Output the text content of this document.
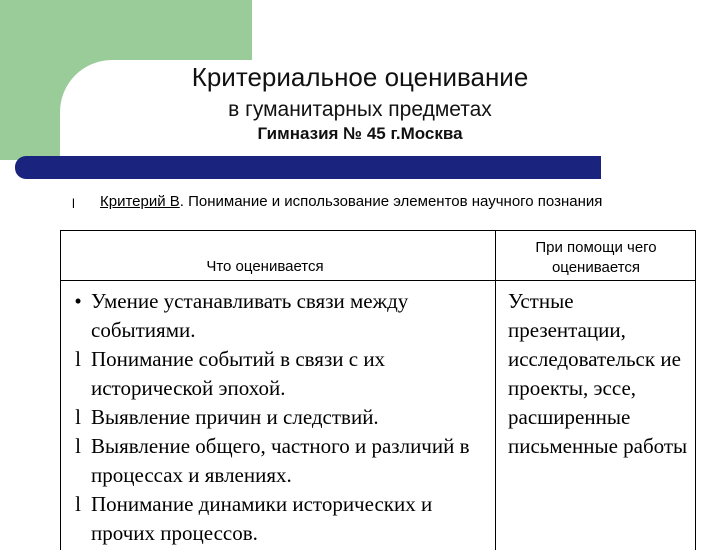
Критериальное оценивание
в гуманитарных предметах
Гимназия № 45 г.Москва
l Критерий B. Понимание и использование элементов научного познания
Что оценивается
При помощи чего оценивается
• Умение устанавливать связи между событиями.
l Понимание событий в связи с их исторической эпохой.
l Выявление причин и следствий.
l Выявление общего, частного и различий в процессах и явлениях.
l Понимание динамики исторических и прочих процессов.

Устные презентации, исследовательск ие проекты, эссе, расширенные письменные работы
